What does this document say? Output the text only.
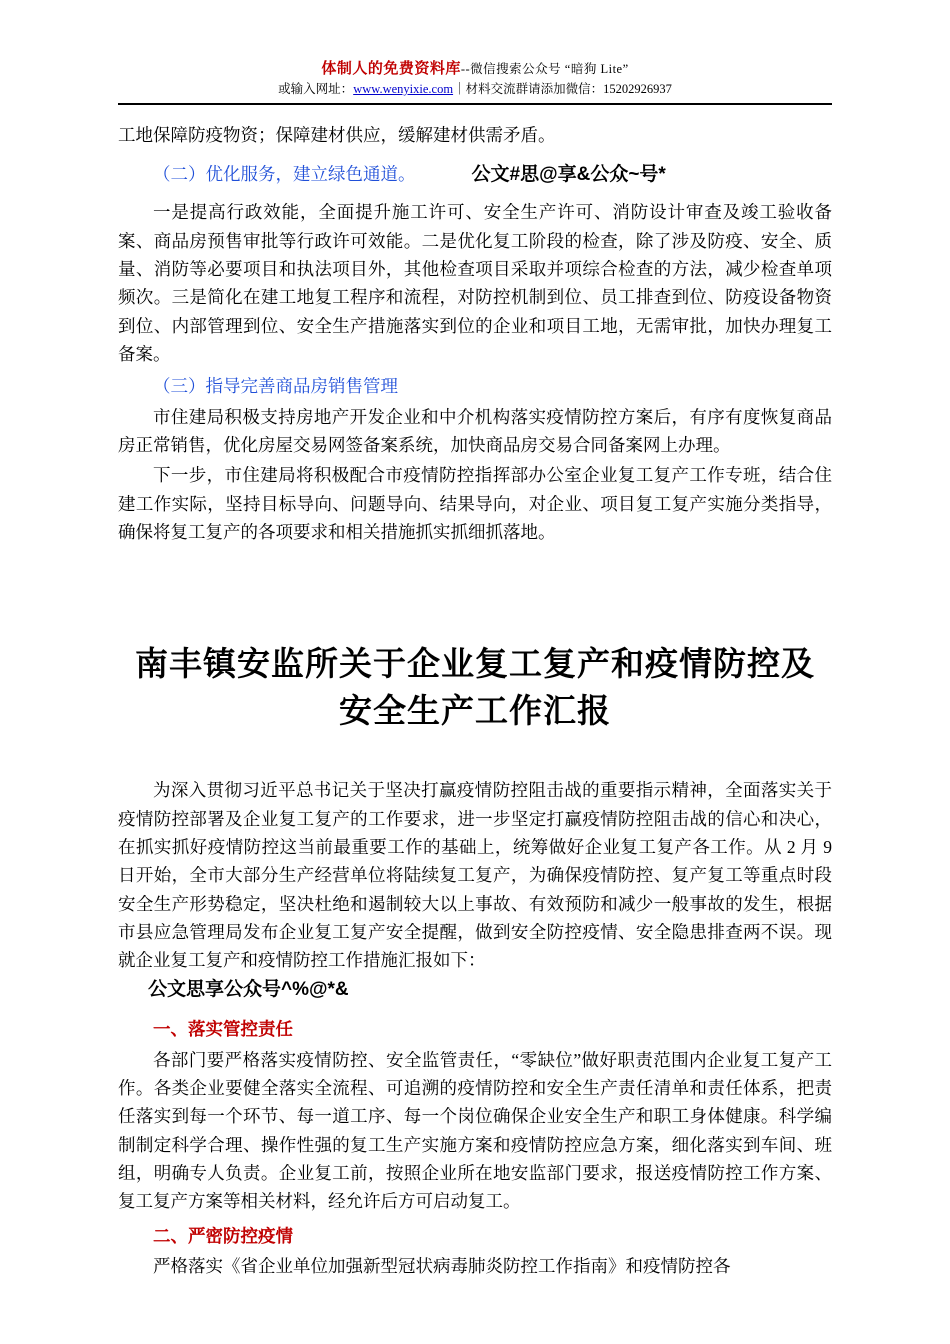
体制人的免费资料库--微信搜索公众号 “暗狗 Lite”
或输入网址：www.wenyixie.com｜材料交流群请添加微信：15202926937

工地保障防疫物资；保障建材供应，缓解建材供需矛盾。

（二）优化服务，建立绿色通道。	公文#思@享&公众~号*

一是提高行政效能，全面提升施工许可、安全生产许可、消防设计审查及竣工验收备案、商品房预售审批等行政许可效能。二是优化复工阶段的检查，除了涉及防疫、安全、质量、消防等必要项目和执法项目外，其他检查项目采取并项综合检查的方法，减少检查单项频次。三是简化在建工地复工程序和流程，对防控机制到位、员工排查到位、防疫设备物资到位、内部管理到位、安全生产措施落实到位的企业和项目工地，无需审批，加快办理复工备案。

（三）指导完善商品房销售管理

市住建局积极支持房地产开发企业和中介机构落实疫情防控方案后，有序有度恢复商品房正常销售，优化房屋交易网签备案系统，加快商品房交易合同备案网上办理。

下一步，市住建局将积极配合市疫情防控指挥部办公室企业复工复产工作专班，结合住建工作实际，坚持目标导向、问题导向、结果导向，对企业、项目复工复产实施分类指导，确保将复工复产的各项要求和相关措施抓实抓细抓落地。

南丰镇安监所关于企业复工复产和疫情防控及安全生产工作汇报

为深入贯彻习近平总书记关于坚决打赢疫情防控阻击战的重要指示精神，全面落实关于疫情防控部署及企业复工复产的工作要求，进一步坚定打赢疫情防控阻击战的信心和决心，在抓实抓好疫情防控这当前最重要工作的基础上，统筹做好企业复工复产各工作。从 2 月 9 日开始，全市大部分生产经营单位将陆续复工复产，为确保疫情防控、复产复工等重点时段安全生产形势稳定，坚决杜绝和遏制较大以上事故、有效预防和减少一般事故的发生，根据市县应急管理局发布企业复工复产安全提醒，做到安全防控疫情、安全隐患排查两不误。现就企业复工复产和疫情防控工作措施汇报如下：

公文思享公众号^%@*&

一、落实管控责任

各部门要严格落实疫情防控、安全监管责任，“零缺位”做好职责范围内企业复工复产工作。各类企业要健全落实全流程、可追溯的疫情防控和安全生产责任清单和责任体系，把责任落实到每一个环节、每一道工序、每一个岗位确保企业安全生产和职工身体健康。科学编制制定科学合理、操作性强的复工生产实施方案和疫情防控应急方案，细化落实到车间、班组，明确专人负责。企业复工前，按照企业所在地安监部门要求，报送疫情防控工作方案、复工复产方案等相关材料，经允许后方可启动复工。

二、严密防控疫情

严格落实《省企业单位加强新型冠状病毒肺炎防控工作指南》和疫情防控各
